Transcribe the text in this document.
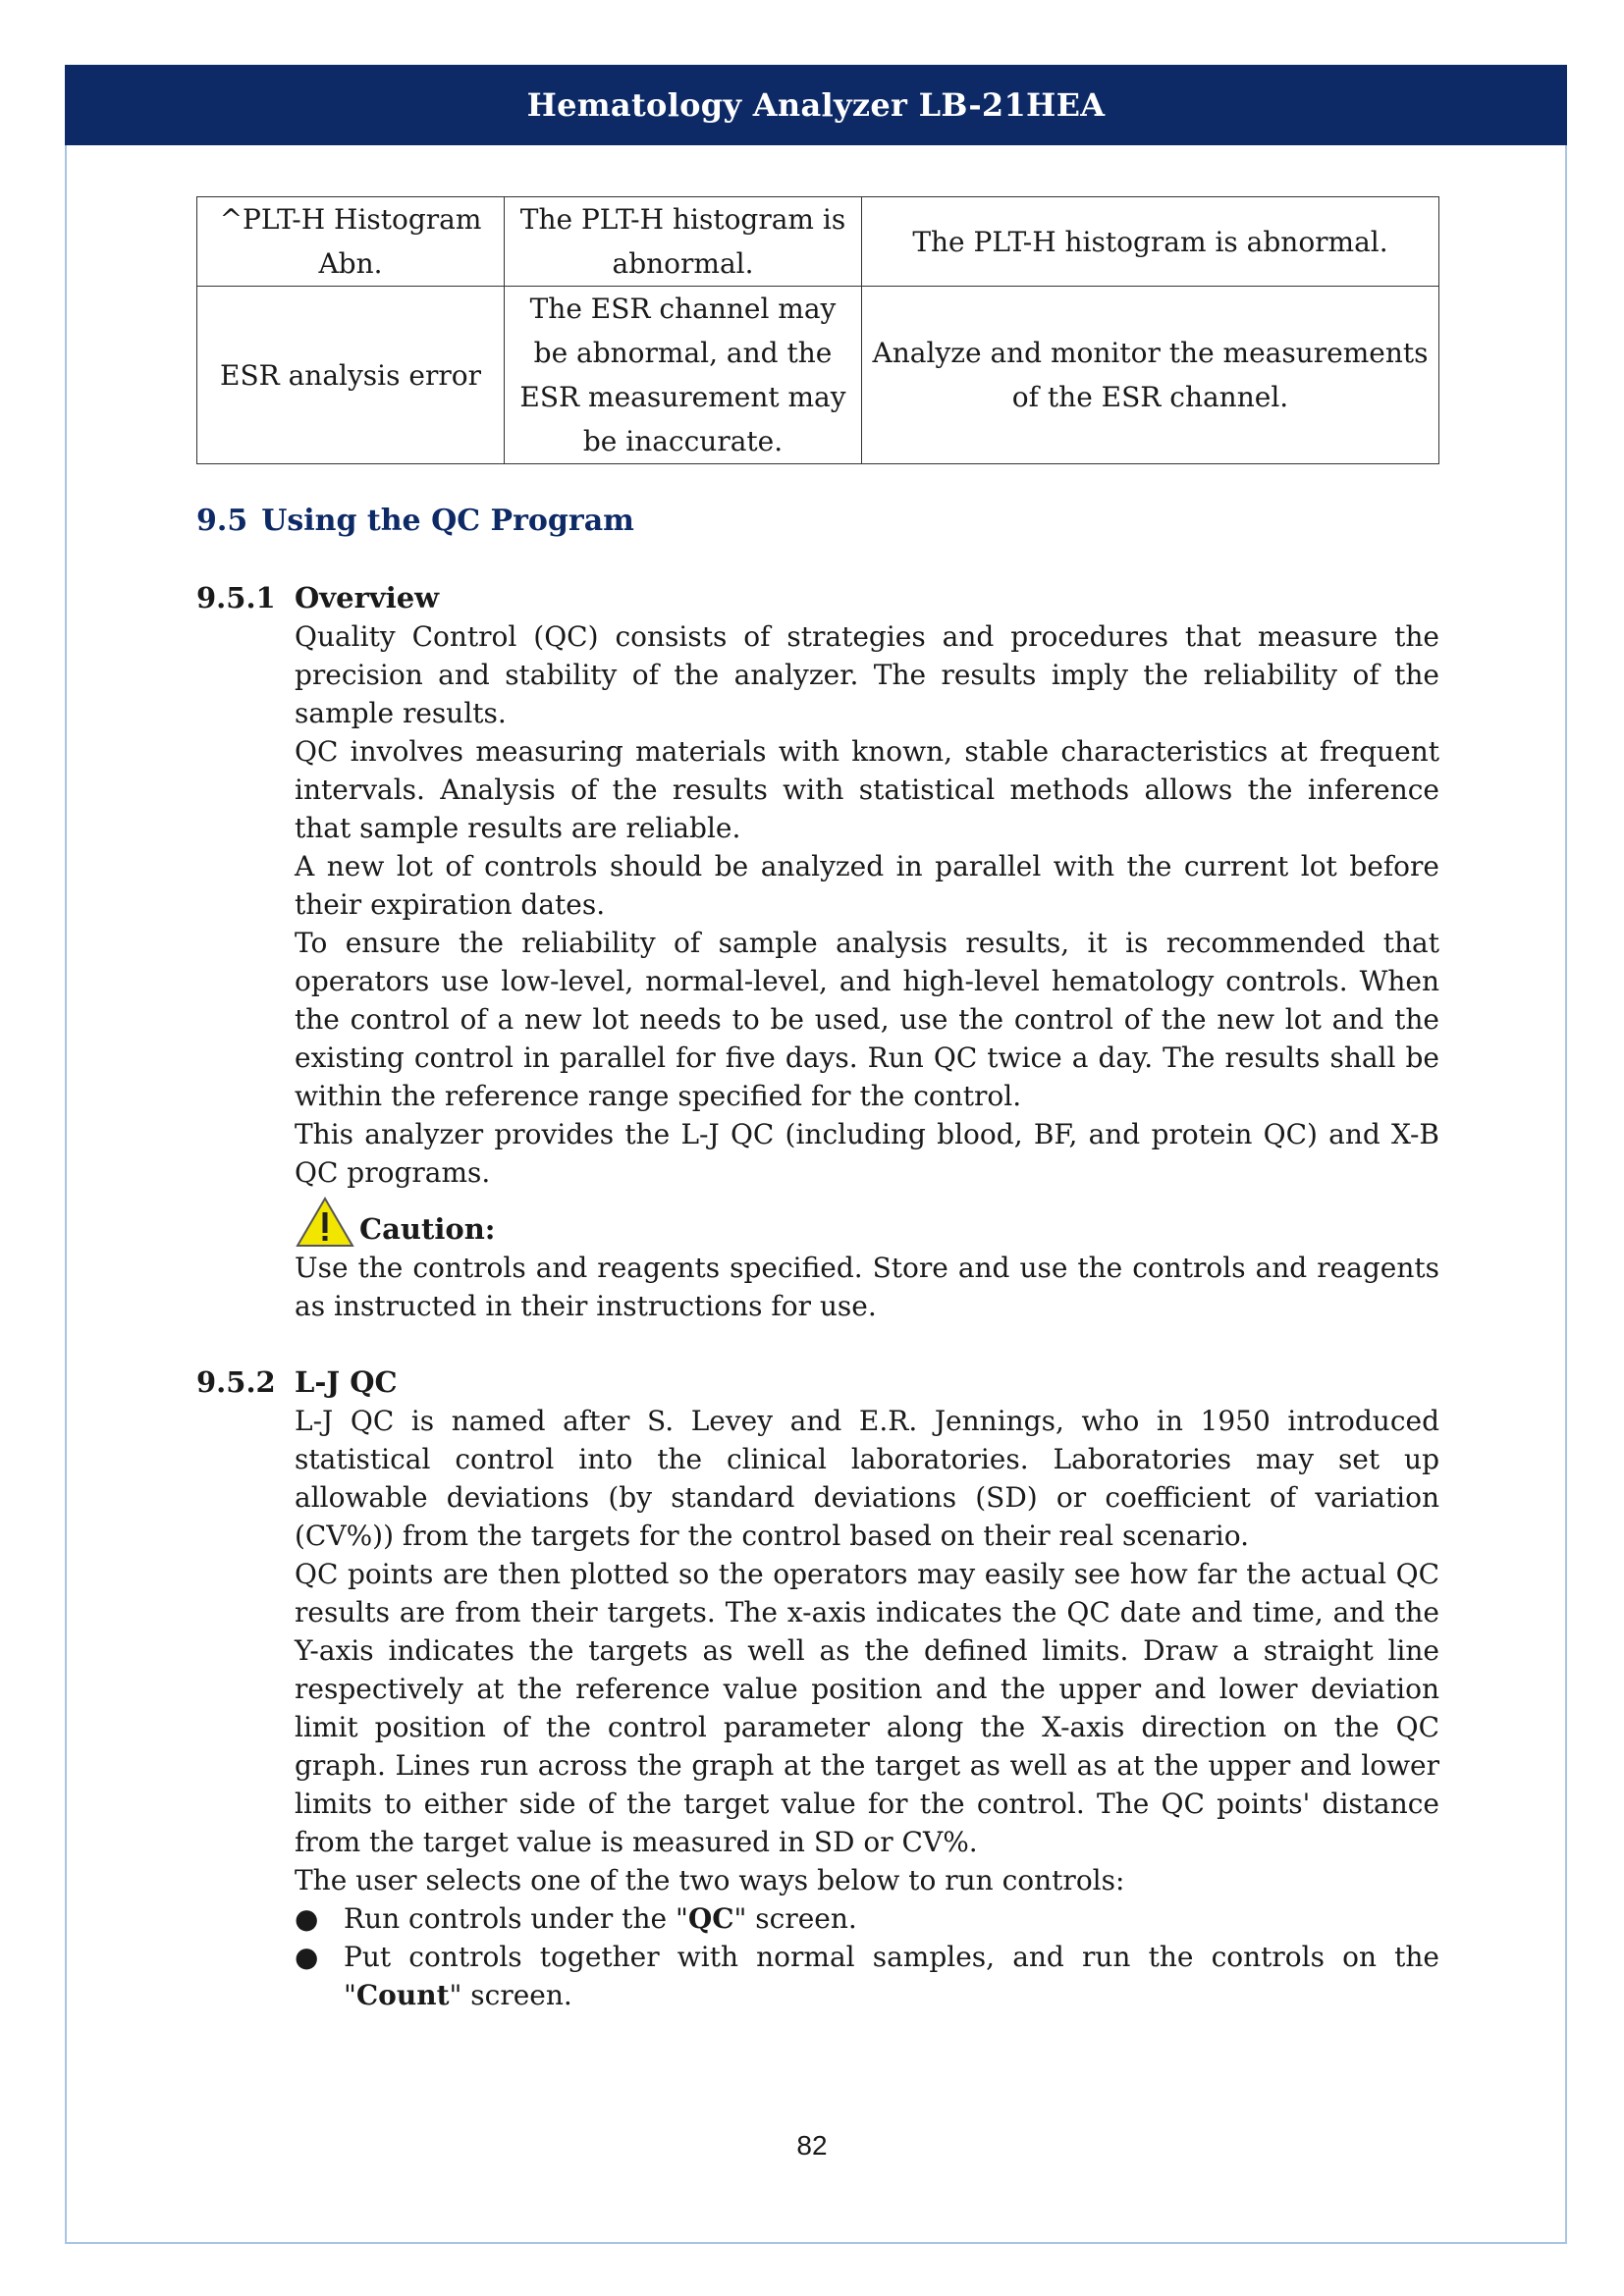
Hematology Analyzer LB-21HEA
^PLT-H Histogram Abn.	The PLT-H histogram is abnormal.	The PLT-H histogram is abnormal.
ESR analysis error	The ESR channel may be abnormal, and the ESR measurement may be inaccurate.	Analyze and monitor the measurements of the ESR channel.
9.5 Using the QC Program
9.5.1 Overview

Quality Control (QC) consists of strategies and procedures that measure the precision and stability of the analyzer. The results imply the reliability of the sample results.

QC involves measuring materials with known, stable characteristics at frequent intervals. Analysis of the results with statistical methods allows the inference that sample results are reliable.

A new lot of controls should be analyzed in parallel with the current lot before their expiration dates.

To ensure the reliability of sample analysis results, it is recommended that operators use low-level, normal-level, and high-level hematology controls. When the control of a new lot needs to be used, use the control of the new lot and the existing control in parallel for five days. Run QC twice a day. The results shall be within the reference range specified for the control.

This analyzer provides the L-J QC (including blood, BF, and protein QC) and X-B QC programs.

Caution:

Use the controls and reagents specified. Store and use the controls and reagents as instructed in their instructions for use.

9.5.2 L-J QC

L-J QC is named after S. Levey and E.R. Jennings, who in 1950 introduced statistical control into the clinical laboratories. Laboratories may set up allowable deviations (by standard deviations (SD) or coefficient of variation (CV%)) from the targets for the control based on their real scenario.

QC points are then plotted so the operators may easily see how far the actual QC results are from their targets. The x-axis indicates the QC date and time, and the Y-axis indicates the targets as well as the defined limits. Draw a straight line respectively at the reference value position and the upper and lower deviation limit position of the control parameter along the X-axis direction on the QC graph. Lines run across the graph at the target as well as at the upper and lower limits to either side of the target value for the control. The QC points' distance from the target value is measured in SD or CV%.

The user selects one of the two ways below to run controls:

● Run controls under the "QC" screen.
● Put controls together with normal samples, and run the controls on the "Count" screen.
82
